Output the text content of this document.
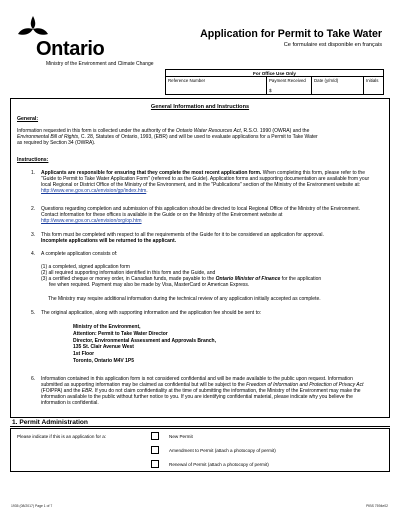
Ontario
Application for Permit to Take Water
Ce formulaire est disponible en français
Ministry of the Environment and Climate Change
For Office Use Only
Reference Number	Payment Received
$
Date (y/m/d)	Initials
General Information and Instructions

General:

Information requested in this form is collected under the authority of the Ontario Water Resources Act, R.S.O. 1990 (OWRA) and the
Environmental Bill of Rights, C. 28, Statutes of Ontario, 1993, (EBR) and will be used to evaluate applications for a Permit to Take Water
as required by Section 34 (OWRA).

Instructions:

1. Applicants are responsible for ensuring that they complete the most recent application form. When completing this form, please refer to the "Guide to Permit to Take Water Application Form" (referred to as the Guide). Application forms and supporting documentation are available from your local Regional or District Office of the Ministry of the Environment, and in the "Publications" section of the Ministry of the Environment website at: http://www.ene.gov.on.ca/envision/gp/index.htm.

2. Questions regarding completion and submission of this application should be directed to local Regional Office of the Ministry of the Environment. Contact information for these offices is available in the Guide or on the Ministry of the Environment website at http://www.ene.gov.on.ca/envision/org/op.htm

3. This form must be completed with respect to all the requirements of the Guide for it to be considered an application for approval.
Incomplete applications will be returned to the applicant.

4. A complete application consists of:

(1) a completed, signed application form
(2) all required supporting information identified in this form and the Guide, and
(3) a certified cheque or money order, in Canadian funds, made payable to the Ontario Minister of Finance for the application
fee when required. Payment may also be made by Visa, MasterCard or American Express.

The Ministry may require additional information during the technical review of any application initially accepted as complete.

5. The original application, along with supporting information and the application fee should be sent to:

Ministry of the Environment,
Attention: Permit to Take Water Director
Director, Environmental Assessment and Approvals Branch,
135 St. Clair Avenue West
1st Floor
Toronto, Ontario M4V 1P5
6. Information contained in this application form is not considered confidential and will be made available to the public upon request. Information submitted as supporting information may be claimed as confidential but will be subject to the Freedom of Information and Protection of Privacy Act (FOIPPA) and the EBR. If you do not claim confidentiality at the time of submitting the information, the Ministry of the Environment may make the information available to the public without further notice to you. If you are identifying confidential material, please indicate why you believe the information is confidential.

1. Permit Administration
Please indicate if this is an application for a:	New Permit
Amendment to Permit (attach a photocopy of permit)
Renewal of Permit (attach a photocopy of permit)
1935 (08/2017) Page 1 of 7	PIBS 7594e02
